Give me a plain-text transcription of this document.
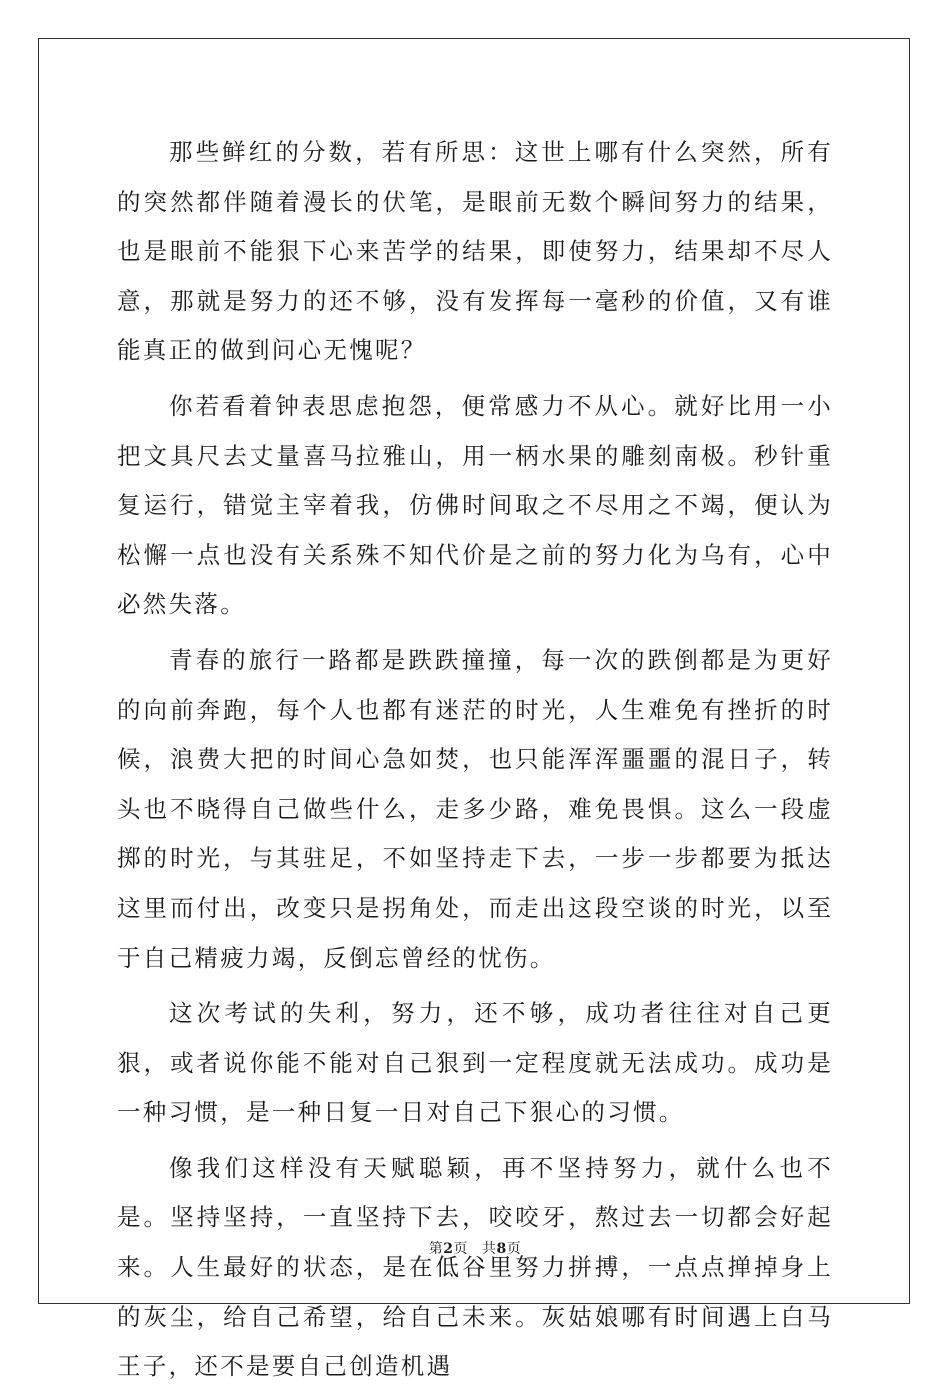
那些鲜红的分数，若有所思：这世上哪有什么突然，所有的突然都伴随着漫长的伏笔，是眼前无数个瞬间努力的结果，也是眼前不能狠下心来苦学的结果，即使努力，结果却不尽人意，那就是努力的还不够，没有发挥每一毫秒的价值，又有谁能真正的做到问心无愧呢？

你若看着钟表思虑抱怨，便常感力不从心。就好比用一小把文具尺去丈量喜马拉雅山，用一柄水果的雕刻南极。秒针重复运行，错觉主宰着我，仿佛时间取之不尽用之不竭，便认为松懈一点也没有关系殊不知代价是之前的努力化为乌有，心中必然失落。

青春的旅行一路都是跌跌撞撞，每一次的跌倒都是为更好的向前奔跑，每个人也都有迷茫的时光，人生难免有挫折的时候，浪费大把的时间心急如焚，也只能浑浑噩噩的混日子，转头也不晓得自己做些什么，走多少路，难免畏惧。这么一段虚掷的时光，与其驻足，不如坚持走下去，一步一步都要为抵达这里而付出，改变只是拐角处，而走出这段空谈的时光，以至于自己精疲力竭，反倒忘曾经的忧伤。

这次考试的失利，努力，还不够，成功者往往对自己更狠，或者说你能不能对自己狠到一定程度就无法成功。成功是一种习惯，是一种日复一日对自己下狠心的习惯。

像我们这样没有天赋聪颖，再不坚持努力，就什么也不是。坚持坚持，一直坚持下去，咬咬牙，熬过去一切都会好起来。人生最好的状态，是在低谷里努力拼搏，一点点掸掉身上的灰尘，给自己希望，给自己未来。灰姑娘哪有时间遇上白马王子，还不是要自己创造机遇

第2页 共8页
